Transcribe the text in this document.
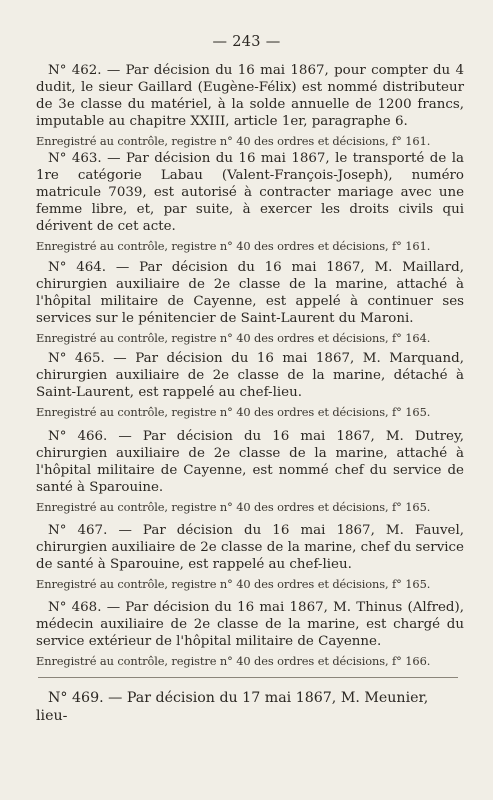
— 243 —

N° 462. — Par décision du 16 mai 1867, pour compter du 4 dudit, le sieur Gaillard (Eugène-Félix) est nommé distributeur de 3e classe du matériel, à la solde annuelle de 1200 francs, imputable au chapitre XXIII, article 1er, paragraphe 6.

Enregistré au contrôle, registre n° 40 des ordres et décisions, f° 161.

N° 463. — Par décision du 16 mai 1867, le transporté de la 1re catégorie Labau (Valent-François-Joseph), numéro matricule 7039, est autorisé à contracter mariage avec une femme libre, et, par suite, à exercer les droits civils qui dérivent de cet acte.

Enregistré au contrôle, registre n° 40 des ordres et décisions, f° 161.

N° 464. — Par décision du 16 mai 1867, M. Maillard, chirurgien auxiliaire de 2e classe de la marine, attaché à l'hôpital militaire de Cayenne, est appelé à continuer ses services sur le pénitencier de Saint-Laurent du Maroni.

Enregistré au contrôle, registre n° 40 des ordres et décisions, f° 164.

N° 465. — Par décision du 16 mai 1867, M. Marquand, chirurgien auxiliaire de 2e classe de la marine, détaché à Saint-Laurent, est rappelé au chef-lieu.

Enregistré au contrôle, registre n° 40 des ordres et décisions, f° 165.

N° 466. — Par décision du 16 mai 1867, M. Dutrey, chirurgien auxiliaire de 2e classe de la marine, attaché à l'hôpital militaire de Cayenne, est nommé chef du service de santé à Sparouine.

Enregistré au contrôle, registre n° 40 des ordres et décisions, f° 165.

N° 467. — Par décision du 16 mai 1867, M. Fauvel, chirurgien auxiliaire de 2e classe de la marine, chef du service de santé à Sparouine, est rappelé au chef-lieu.

Enregistré au contrôle, registre n° 40 des ordres et décisions, f° 165.

N° 468. — Par décision du 16 mai 1867, M. Thinus (Alfred), médecin auxiliaire de 2e classe de la marine, est chargé du service extérieur de l'hôpital militaire de Cayenne.

Enregistré au contrôle, registre n° 40 des ordres et décisions, f° 166.
N° 469. — Par décision du 17 mai 1867, M. Meunier, lieu-
